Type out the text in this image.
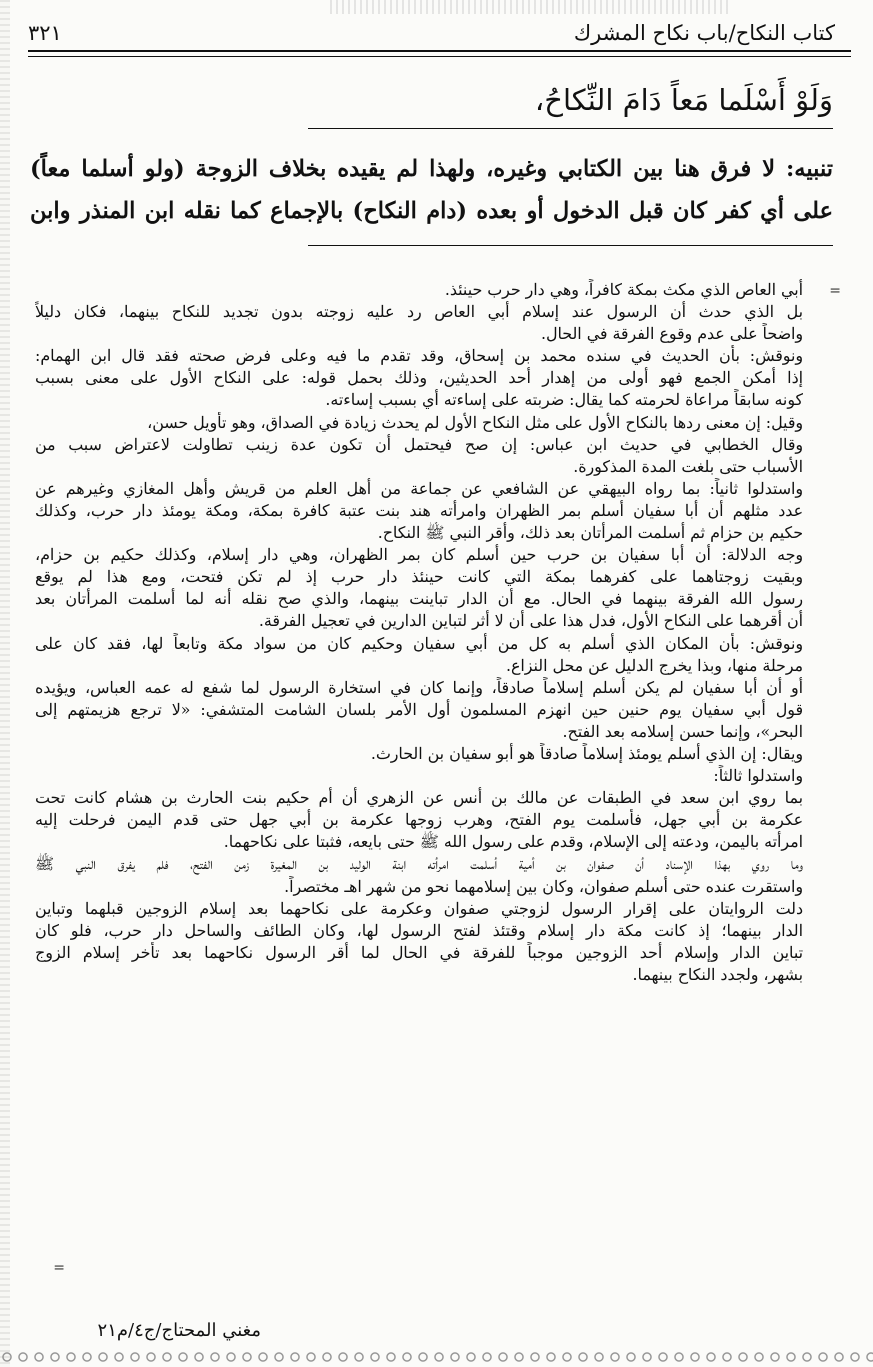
كتاب النكاح/باب نكاح المشرك
٣٢١
وَلَوْ أَسْلَما مَعاً دَامَ النِّكاحُ،

تنبيه: لا فرق هنا بين الكتابي وغيره، ولهذا لم يقيده بخلاف الزوجة (ولو أسلما معاً)

على أي كفر كان قبل الدخول أو بعده (دام النكاح) بالإجماع كما نقله ابن المنذر وابن

=
أبي العاص الذي مكث بمكة كافراً، وهي دار حرب حينئذ.
بل الذي حدث أن الرسول عند إسلام أبي العاص رد عليه زوجته بدون تجديد للنكاح بينهما، فكان دليلاً
واضحاً على عدم وقوع الفرقة في الحال.
ونوقش: بأن الحديث في سنده محمد بن إسحاق، وقد تقدم ما فيه وعلى فرض صحته فقد قال ابن الهمام:
إذا أمكن الجمع فهو أولى من إهدار أحد الحديثين، وذلك بحمل قوله: على النكاح الأول على معنى بسبب
كونه سابقاً مراعاة لحرمته كما يقال: ضربته على إساءته أي بسبب إساءته.
وقيل: إن معنى ردها بالنكاح الأول على مثل النكاح الأول لم يحدث زيادة في الصداق، وهو تأويل حسن،
وقال الخطابي في حديث ابن عباس: إن صح فيحتمل أن تكون عدة زينب تطاولت لاعتراض سبب من
الأسباب حتى بلغت المدة المذكورة.
واستدلوا ثانياً: بما رواه البيهقي عن الشافعي عن جماعة من أهل العلم من قريش وأهل المغازي وغيرهم عن
عدد مثلهم أن أبا سفيان أسلم بمر الظهران وامرأته هند بنت عتبة كافرة بمكة، ومكة يومئذ دار حرب، وكذلك
حكيم بن حزام ثم أسلمت المرأتان بعد ذلك، وأقر النبي ﷺ النكاح.
وجه الدلالة: أن أبا سفيان بن حرب حين أسلم كان بمر الظهران، وهي دار إسلام، وكذلك حكيم بن حزام،
وبقيت زوجتاهما على كفرهما بمكة التي كانت حينئذ دار حرب إذ لم تكن فتحت، ومع هذا لم يوقع
رسول الله الفرقة بينهما في الحال. مع أن الدار تباينت بينهما، والذي صح نقله أنه لما أسلمت المرأتان بعد
أن أقرهما على النكاح الأول، فدل هذا على أن لا أثر لتباين الدارين في تعجيل الفرقة.
ونوقش: بأن المكان الذي أسلم به كل من أبي سفيان وحكيم كان من سواد مكة وتابعاً لها، فقد كان على
مرحلة منها، وبذا يخرج الدليل عن محل النزاع.
أو أن أبا سفيان لم يكن أسلم إسلاماً صادقاً، وإنما كان في استخارة الرسول لما شفع له عمه العباس، ويؤيده
قول أبي سفيان يوم حنين حين انهزم المسلمون أول الأمر بلسان الشامت المتشفي: «لا ترجع هزيمتهم إلى
البحر»، وإنما حسن إسلامه بعد الفتح.
ويقال: إن الذي أسلم يومئذ إسلاماً صادقاً هو أبو سفيان بن الحارث.
واستدلوا ثالثاً:
بما روي ابن سعد في الطبقات عن مالك بن أنس عن الزهري أن أم حكيم بنت الحارث بن هشام كانت تحت
عكرمة بن أبي جهل، فأسلمت يوم الفتح، وهرب زوجها عكرمة بن أبي جهل حتى قدم اليمن فرحلت إليه
امرأته باليمن، ودعته إلى الإسلام، وقدم على رسول الله ﷺ حتى بايعه، فثبتا على نكاحهما.
وما روي بهذا الإسناد أن صفوان بن أمية أسلمت امرأته ابنة الوليد بن المغيرة زمن الفتح، فلم يفرق النبي ﷺ
واستقرت عنده حتى أسلم صفوان، وكان بين إسلامهما نحو من شهر اهـ مختصراً.
دلت الروايتان على إقرار الرسول لزوجتي صفوان وعكرمة على نكاحهما بعد إسلام الزوجين قبلهما وتباين
الدار بينهما؛ إذ كانت مكة دار إسلام وقتئذ لفتح الرسول لها، وكان الطائف والساحل دار حرب، فلو كان
تباين الدار وإسلام أحد الزوجين موجباً للفرقة في الحال لما أقر الرسول نكاحهما بعد تأخر إسلام الزوج
بشهر، ولجدد النكاح بينهما.
=
مغني المحتاج/ج٤/م٢١
